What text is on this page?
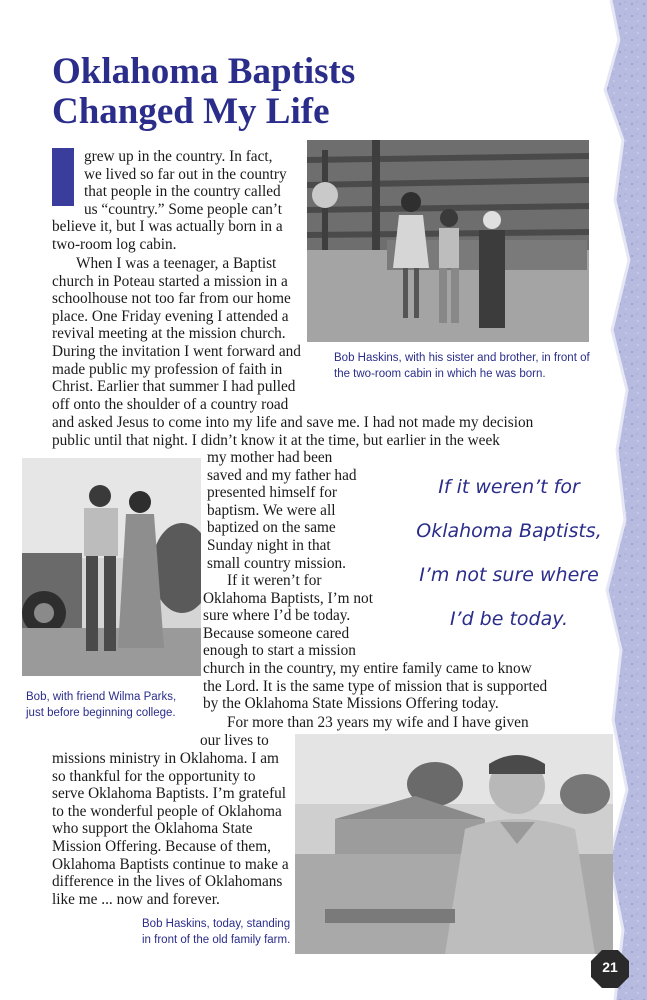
Oklahoma Baptists
Changed My Life
grew up in the country. In fact,
we lived so far out in the country
that people in the country called
us “country.” Some people can’t
believe it, but I was actually born in a
two-room log cabin.
When I was a teenager, a Baptist
church in Poteau started a mission in a
schoolhouse not too far from our home
place. One Friday evening I attended a
revival meeting at the mission church.
During the invitation I went forward and
made public my profession of faith in
Christ. Earlier that summer I had pulled
off onto the shoulder of a country road
and asked Jesus to come into my life and save me. I had not made my decision
public until that night. I didn’t know it at the time, but earlier in the week
my mother had been
saved and my father had
presented himself for
baptism. We were all
baptized on the same
Sunday night in that
small country mission.
If it weren’t for
Oklahoma Baptists, I’m not
sure where I’d be today.
Because someone cared
enough to start a mission
church in the country, my entire family came to know
the Lord. It is the same type of mission that is supported
by the Oklahoma State Missions Offering today.
For more than 23 years my wife and I have given
our lives to
missions ministry in Oklahoma. I am
so thankful for the opportunity to
serve Oklahoma Baptists. I’m grateful
to the wonderful people of Oklahoma
who support the Oklahoma State
Mission Offering. Because of them,
Oklahoma Baptists continue to make a
difference in the lives of Oklahomans
like me ... now and forever.
Bob Haskins, with his sister and brother, in front of
the two-room cabin in which he was born.
Bob, with friend Wilma Parks,
just before beginning college.
If it weren’t for
Oklahoma Baptists,
I’m not sure where
I’d be today.
Bob Haskins, today, standing
in front of the old family farm.
21
